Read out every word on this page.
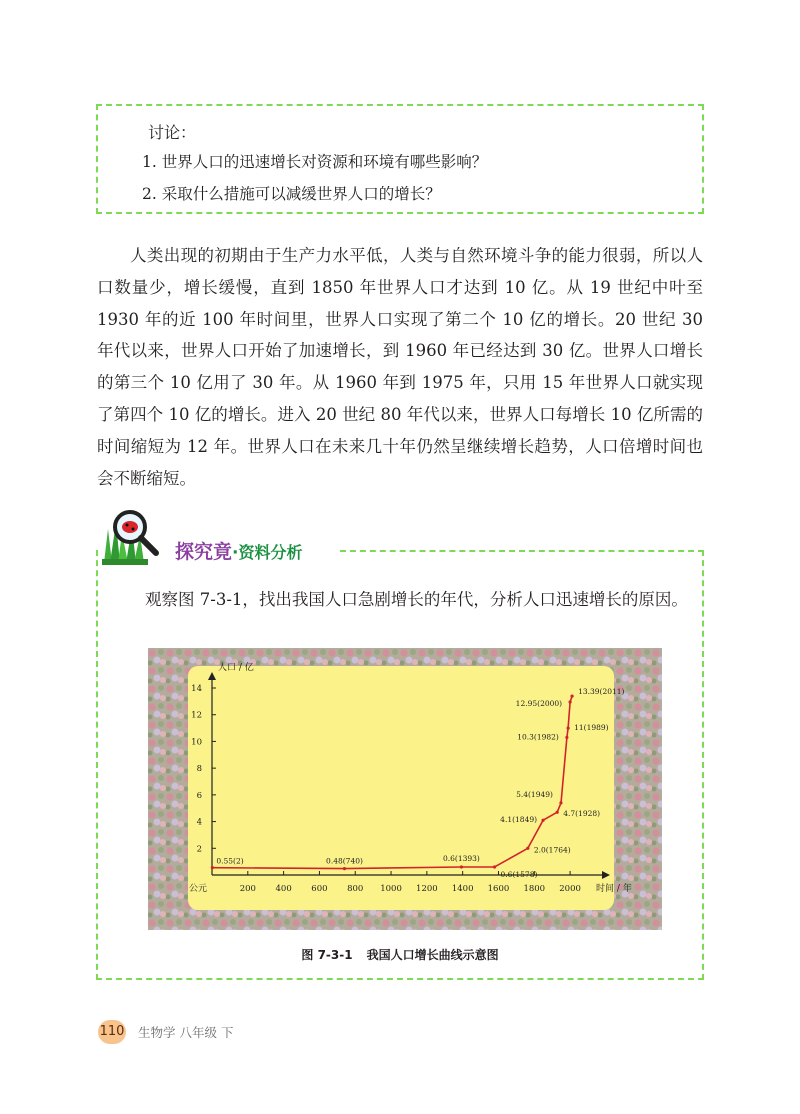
讨论：
1. 世界人口的迅速增长对资源和环境有哪些影响？
2. 采取什么措施可以减缓世界人口的增长？

人类出现的初期由于生产力水平低，人类与自然环境斗争的能力很弱，所以人口数量少，增长缓慢，直到 1850 年世界人口才达到 10 亿。从 19 世纪中叶至 1930 年的近 100 年时间里，世界人口实现了第二个 10 亿的增长。20 世纪 30 年代以来，世界人口开始了加速增长，到 1960 年已经达到 30 亿。世界人口增长的第三个 10 亿用了 30 年。从 1960 年到 1975 年，只用 15 年世界人口就实现了第四个 10 亿的增长。进入 20 世纪 80 年代以来，世界人口每增长 10 亿所需的时间缩短为 12 年。世界人口在未来几十年仍然呈继续增长趋势，人口倍增时间也会不断缩短。

探究竟·资料分析

观察图 7-3-1，找出我国人口急剧增长的年代，分析人口迅速增长的原因。

人口 / 亿
时间 / 年
公元	200 400 600 800 1000 1200 1400 1600 1800 2000
2
4
6
8
10
12
14
0.55(2)	0.48(740)	0.6(1393)
0.6(1578)
2.0(1764)
4.1(1849)
4.7(1928)
5.4(1949)
10.3(1982)
11(1989)
12.95(2000)
13.39(2011)
图 7-3-1 我国人口增长曲线示意图
110 生物学 八年级 下
